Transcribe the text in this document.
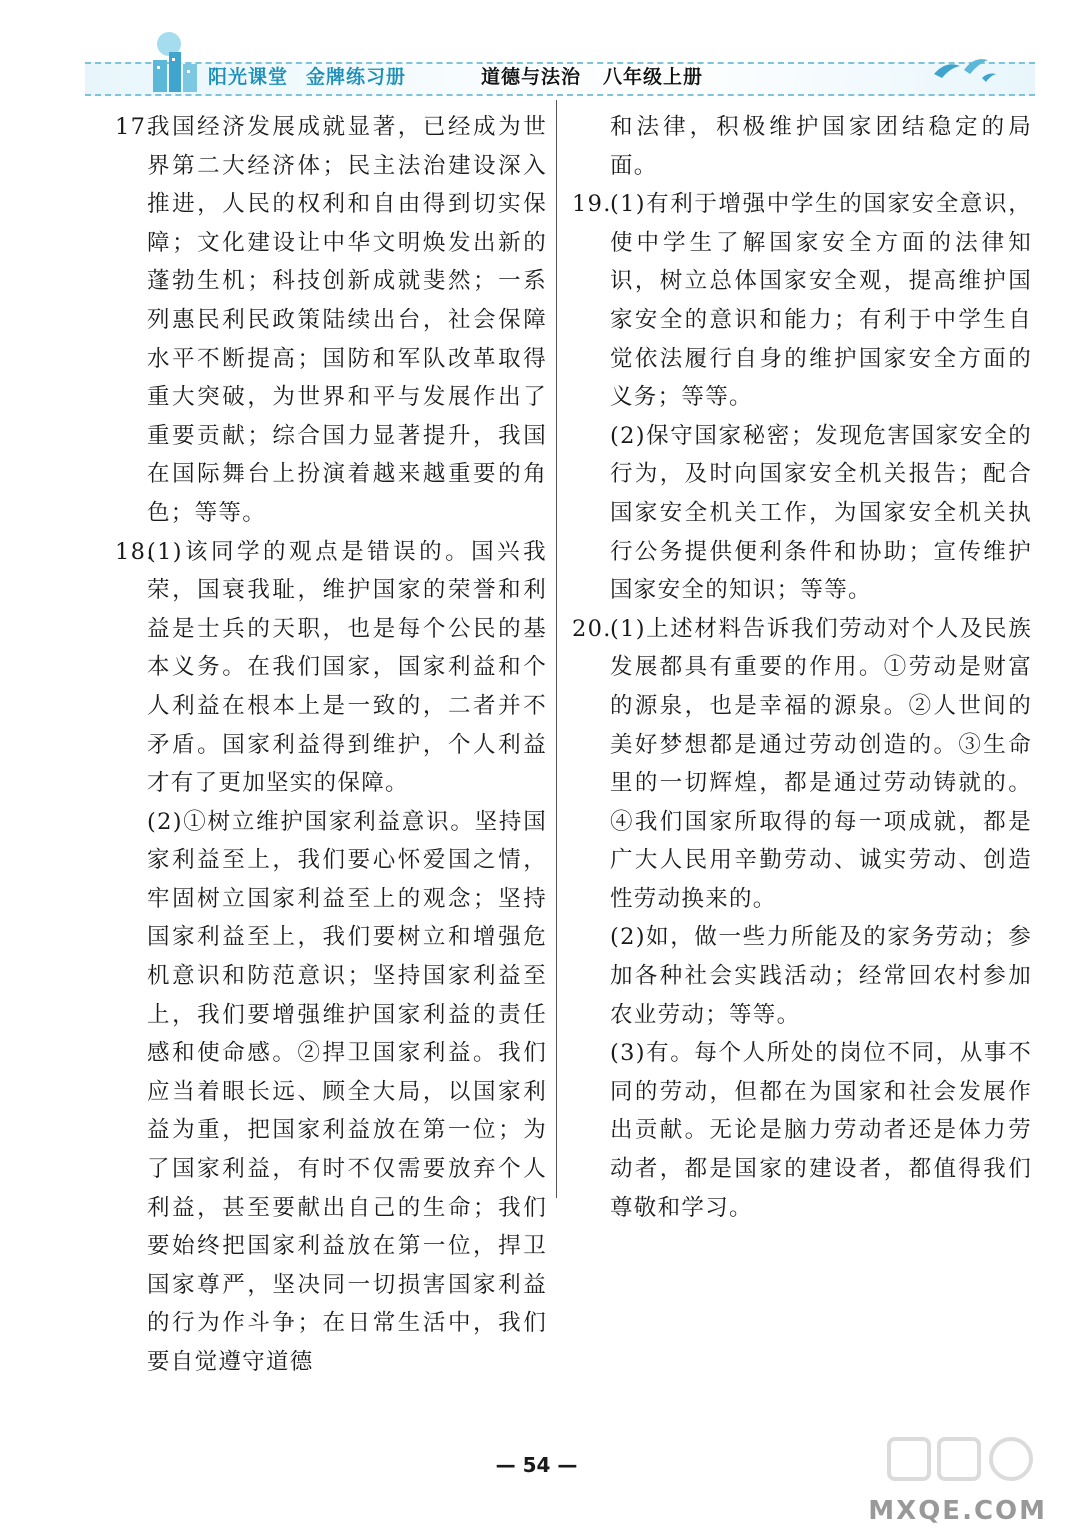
阳光课堂 金牌练习册	道德与法治 八年级上册

17.
我国经济发展成就显著，已经成为世界第二大经济体；民主法治建设深入推进，人民的权利和自由得到切实保障；文化建设让中华文明焕发出新的蓬勃生机；科技创新成就斐然；一系列惠民利民政策陆续出台，社会保障水平不断提高；国防和军队改革取得重大突破，为世界和平与发展作出了重要贡献；综合国力显著提升，我国在国际舞台上扮演着越来越重要的角色；等等。

18.
(1)该同学的观点是错误的。国兴我荣，国衰我耻，维护国家的荣誉和利益是士兵的天职，也是每个公民的基本义务。在我们国家，国家利益和个人利益在根本上是一致的，二者并不矛盾。国家利益得到维护，个人利益才有了更加坚实的保障。

(2)①树立维护国家利益意识。坚持国家利益至上，我们要心怀爱国之情，牢固树立国家利益至上的观念；坚持国家利益至上，我们要树立和增强危机意识和防范意识；坚持国家利益至上，我们要增强维护国家利益的责任感和使命感。②捍卫国家利益。我们应当着眼长远、顾全大局，以国家利益为重，把国家利益放在第一位；为了国家利益，有时不仅需要放弃个人利益，甚至要献出自己的生命；我们要始终把国家利益放在第一位，捍卫国家尊严，坚决同一切损害国家利益的行为作斗争；在日常生活中，我们要自觉遵守道德

和法律，积极维护国家团结稳定的局面。

19.
(1)有利于增强中学生的国家安全意识，使中学生了解国家安全方面的法律知识，树立总体国家安全观，提高维护国家安全的意识和能力；有利于中学生自觉依法履行自身的维护国家安全方面的义务；等等。

(2)保守国家秘密；发现危害国家安全的行为，及时向国家安全机关报告；配合国家安全机关工作，为国家安全机关执行公务提供便利条件和协助；宣传维护国家安全的知识；等等。

20.
(1)上述材料告诉我们劳动对个人及民族发展都具有重要的作用。①劳动是财富的源泉，也是幸福的源泉。②人世间的美好梦想都是通过劳动创造的。③生命里的一切辉煌，都是通过劳动铸就的。④我们国家所取得的每一项成就，都是广大人民用辛勤劳动、诚实劳动、创造性劳动换来的。

(2)如，做一些力所能及的家务劳动；参加各种社会实践活动；经常回农村参加农业劳动；等等。

(3)有。每个人所处的岗位不同，从事不同的劳动，但都在为国家和社会发展作出贡献。无论是脑力劳动者还是体力劳动者，都是国家的建设者，都值得我们尊敬和学习。

— 54 —
MXQE.COM
